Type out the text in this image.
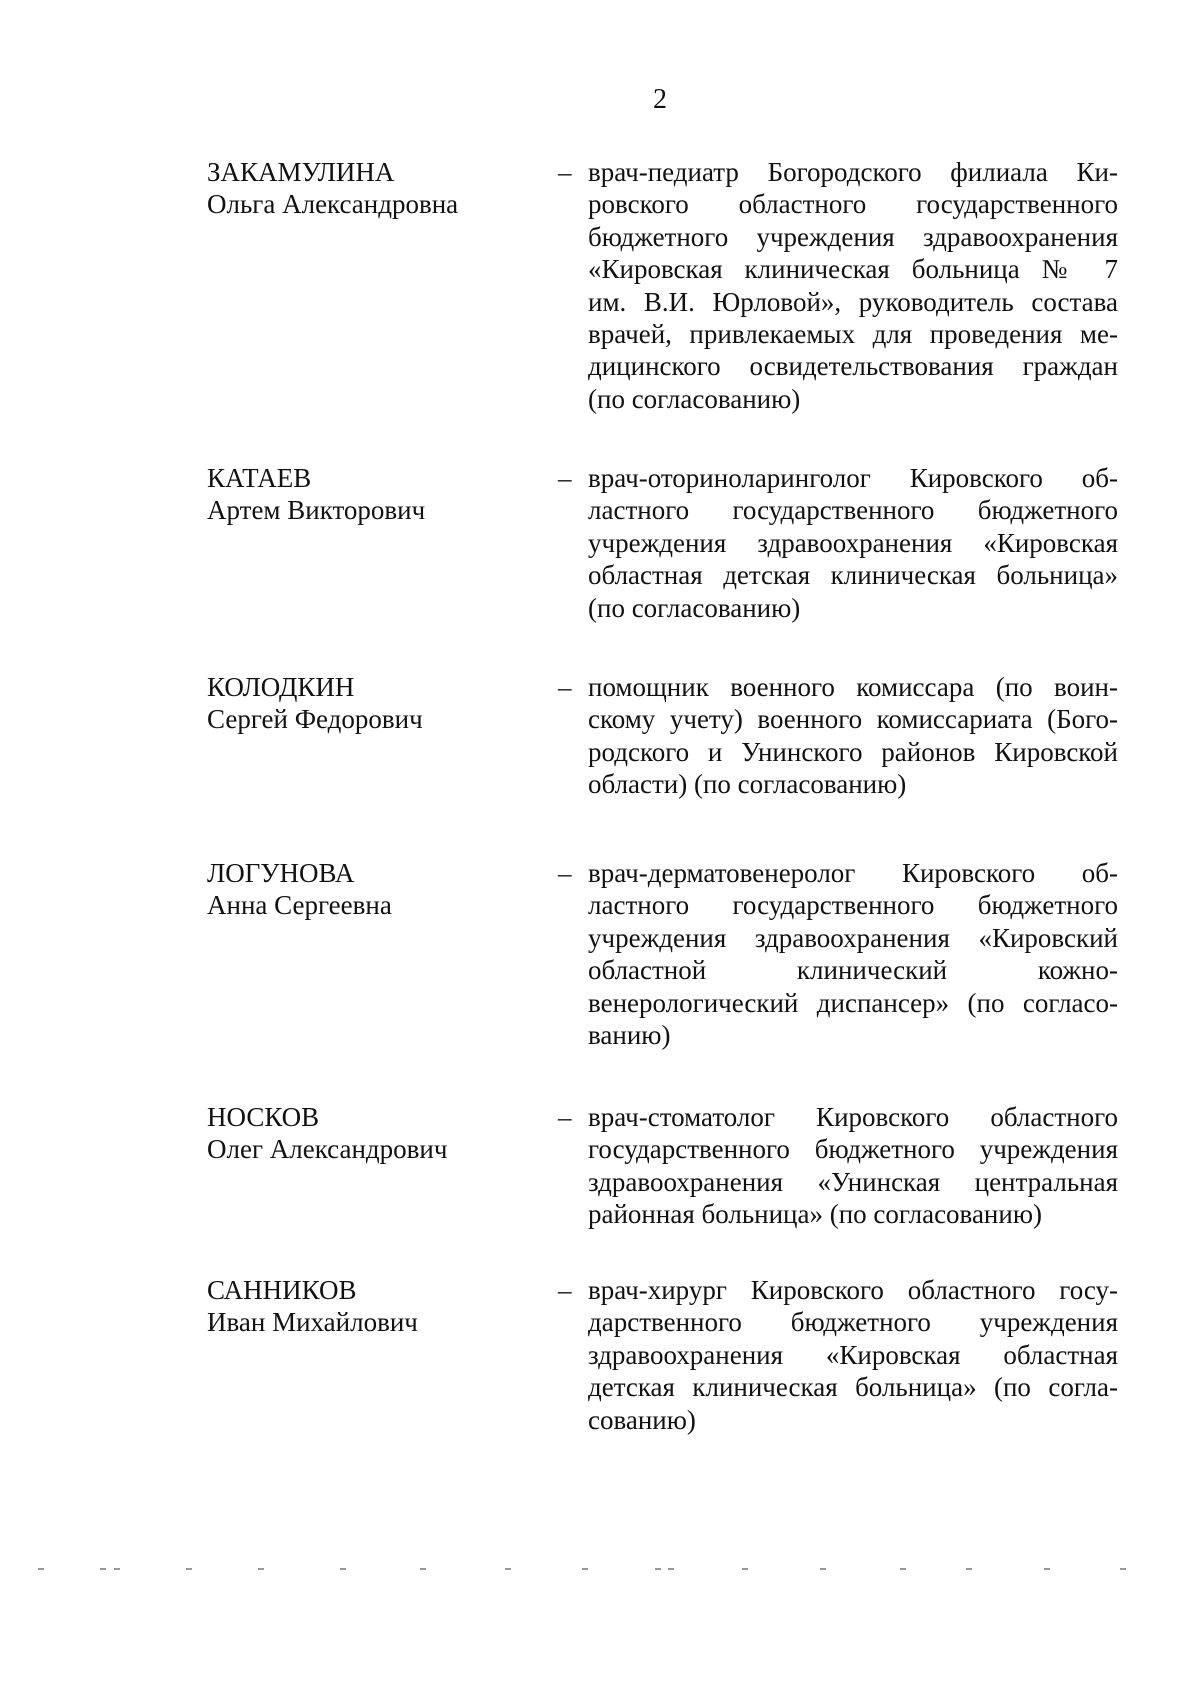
2
ЗАКАМУЛИНА
Ольга Александровна
– врач-педиатр Богородского филиала Ки-
ровского областного государственного
бюджетного учреждения здравоохранения
«Кировская клиническая больница № 7
им. В.И. Юрловой», руководитель состава
врачей, привлекаемых для проведения ме-
дицинского освидетельствования граждан
(по согласованию)
КАТАЕВ
Артем Викторович
– врач-оториноларинголог Кировского об-
ластного государственного бюджетного
учреждения здравоохранения «Кировская
областная детская клиническая больница»
(по согласованию)
КОЛОДКИН
Сергей Федорович
– помощник военного комиссара (по воин-
скому учету) военного комиссариата (Бого-
родского и Унинского районов Кировской
области) (по согласованию)
ЛОГУНОВА
Анна Сергеевна
– врач-дерматовенеролог Кировского об-
ластного государственного бюджетного
учреждения здравоохранения «Кировский
областной клинический кожно-
венерологический диспансер» (по согласо-
ванию)
НОСКОВ
Олег Александрович
– врач-стоматолог Кировского областного
государственного бюджетного учреждения
здравоохранения «Унинская центральная
районная больница» (по согласованию)
САННИКОВ
Иван Михайлович
– врач-хирург Кировского областного госу-
дарственного бюджетного учреждения
здравоохранения «Кировская областная
детская клиническая больница» (по согла-
сованию)
